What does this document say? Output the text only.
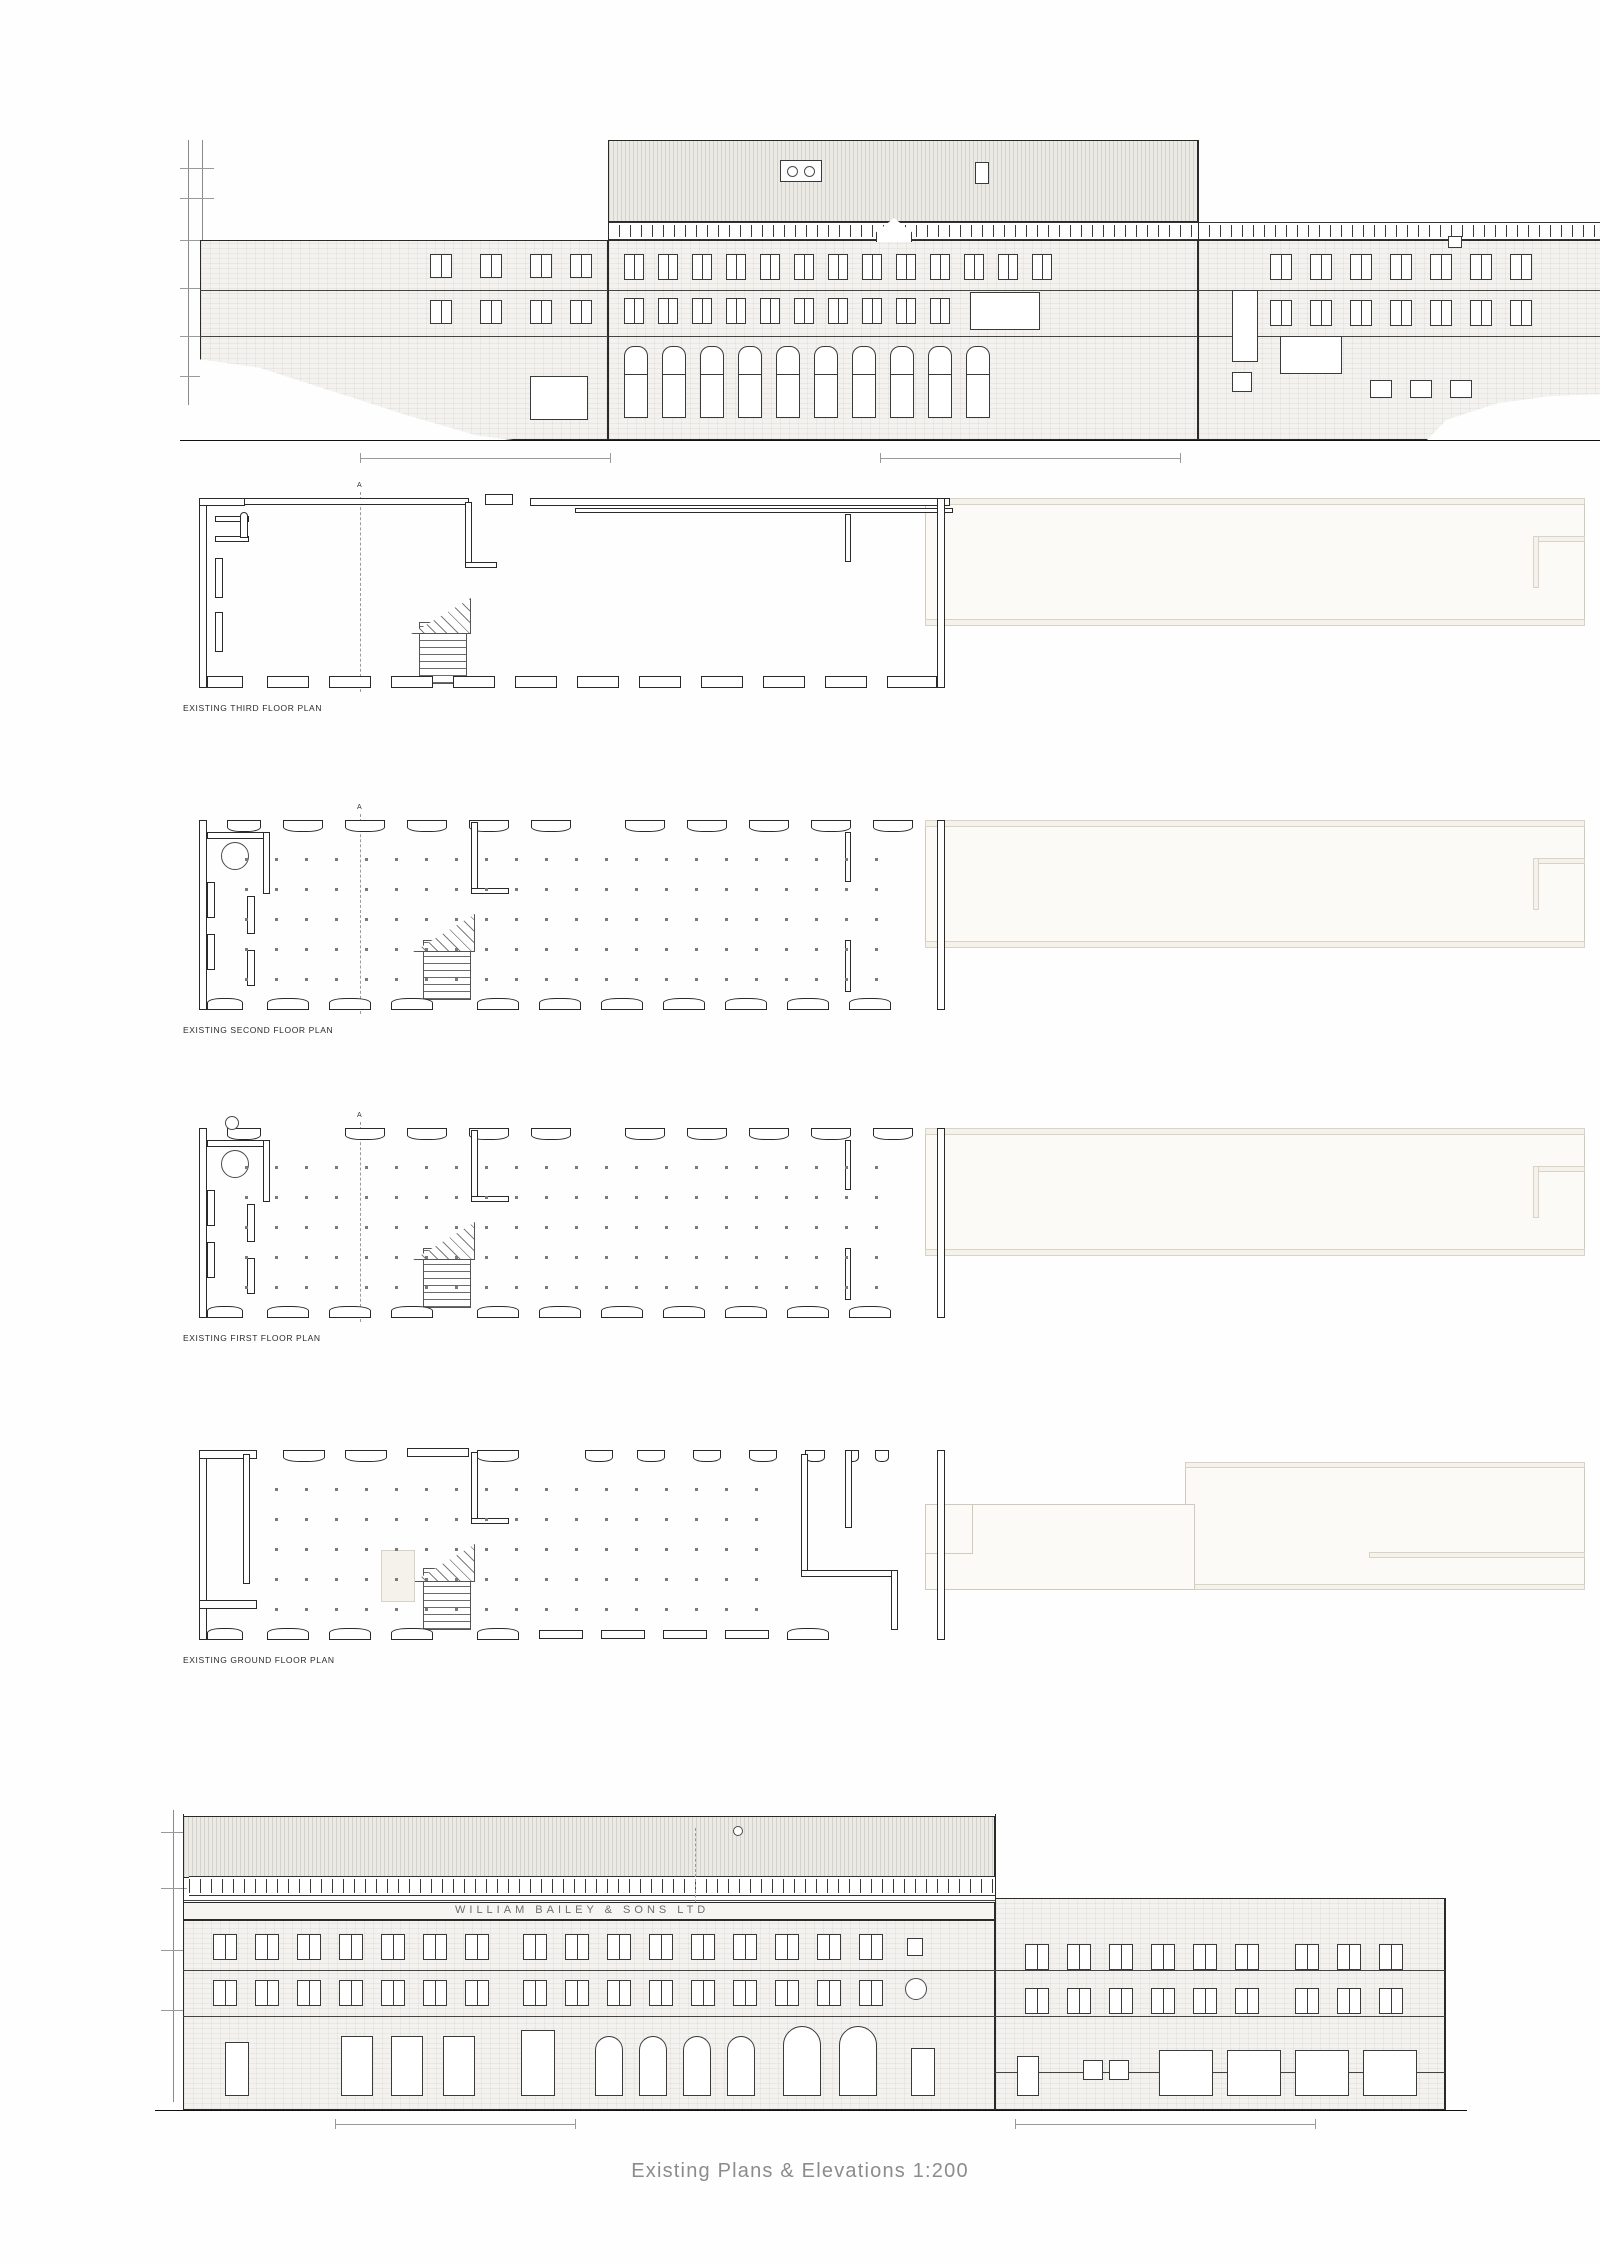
A
EXISTING THIRD FLOOR PLAN
A
EXISTING SECOND FLOOR PLAN
A
EXISTING FIRST FLOOR PLAN
EXISTING GROUND FLOOR PLAN
WILLIAM BAILEY & SONS LTD
Existing Plans & Elevations 1:200
